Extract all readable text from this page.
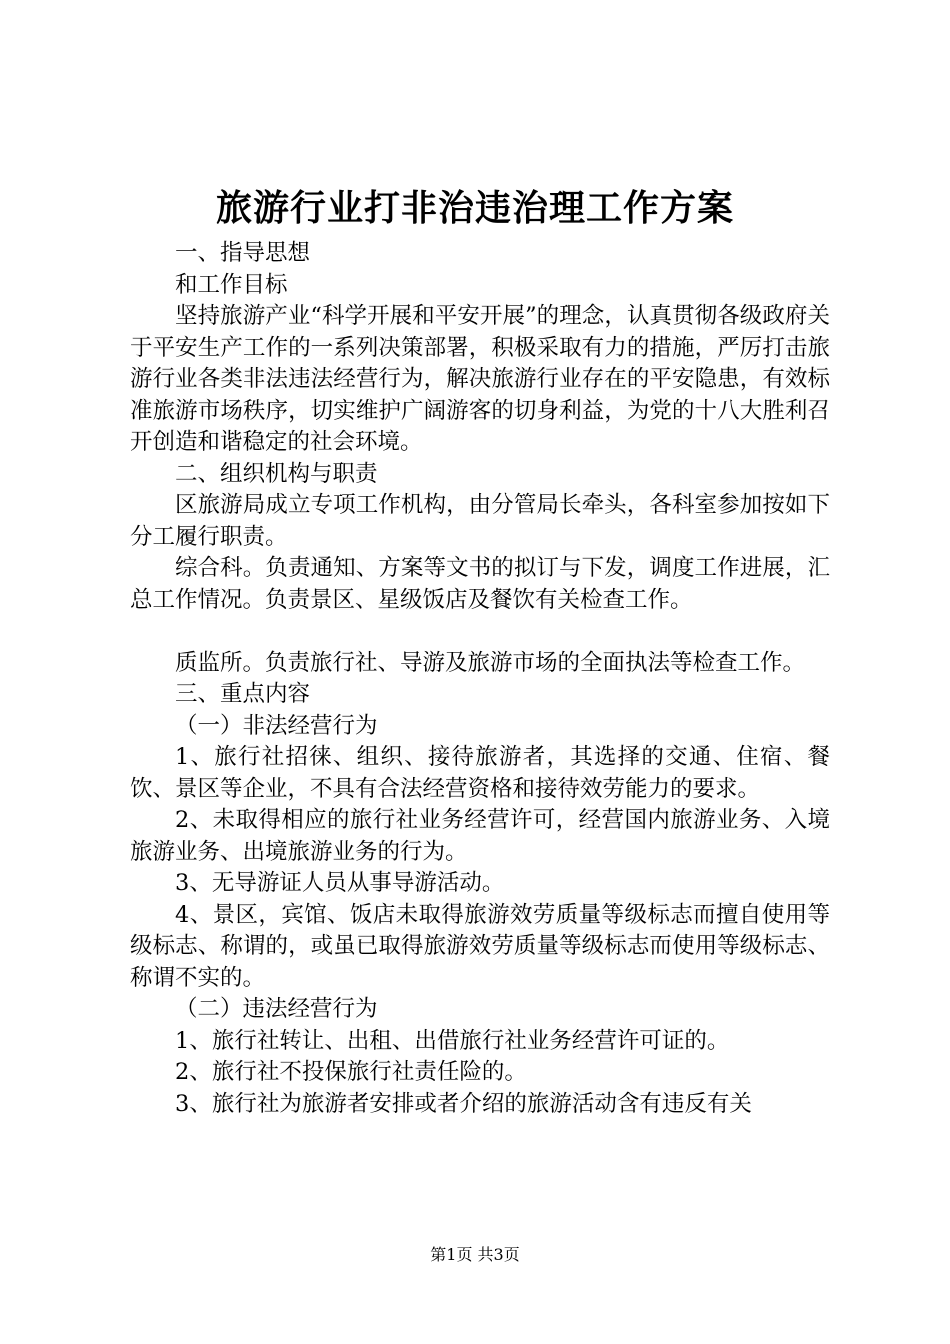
旅游行业打非治违治理工作方案

一、指导思想

和工作目标

坚持旅游产业“科学开展和平安开展”的理念，认真贯彻各级政府关于平安生产工作的一系列决策部署，积极采取有力的措施，严厉打击旅游行业各类非法违法经营行为，解决旅游行业存在的平安隐患，有效标准旅游市场秩序，切实维护广阔游客的切身利益，为党的十八大胜利召开创造和谐稳定的社会环境。

二、组织机构与职责

区旅游局成立专项工作机构，由分管局长牵头，各科室参加按如下分工履行职责。

综合科。负责通知、方案等文书的拟订与下发，调度工作进展，汇总工作情况。负责景区、星级饭店及餐饮有关检查工作。

质监所。负责旅行社、导游及旅游市场的全面执法等检查工作。

三、重点内容

（一）非法经营行为

1、旅行社招徕、组织、接待旅游者，其选择的交通、住宿、餐饮、景区等企业，不具有合法经营资格和接待效劳能力的要求。

2、未取得相应的旅行社业务经营许可，经营国内旅游业务、入境旅游业务、出境旅游业务的行为。

3、无导游证人员从事导游活动。

4、景区，宾馆、饭店未取得旅游效劳质量等级标志而擅自使用等级标志、称谓的，或虽已取得旅游效劳质量等级标志而使用等级标志、称谓不实的。

（二）违法经营行为

1、旅行社转让、出租、出借旅行社业务经营许可证的。

2、旅行社不投保旅行社责任险的。

3、旅行社为旅游者安排或者介绍的旅游活动含有违反有关

第1页 共3页
